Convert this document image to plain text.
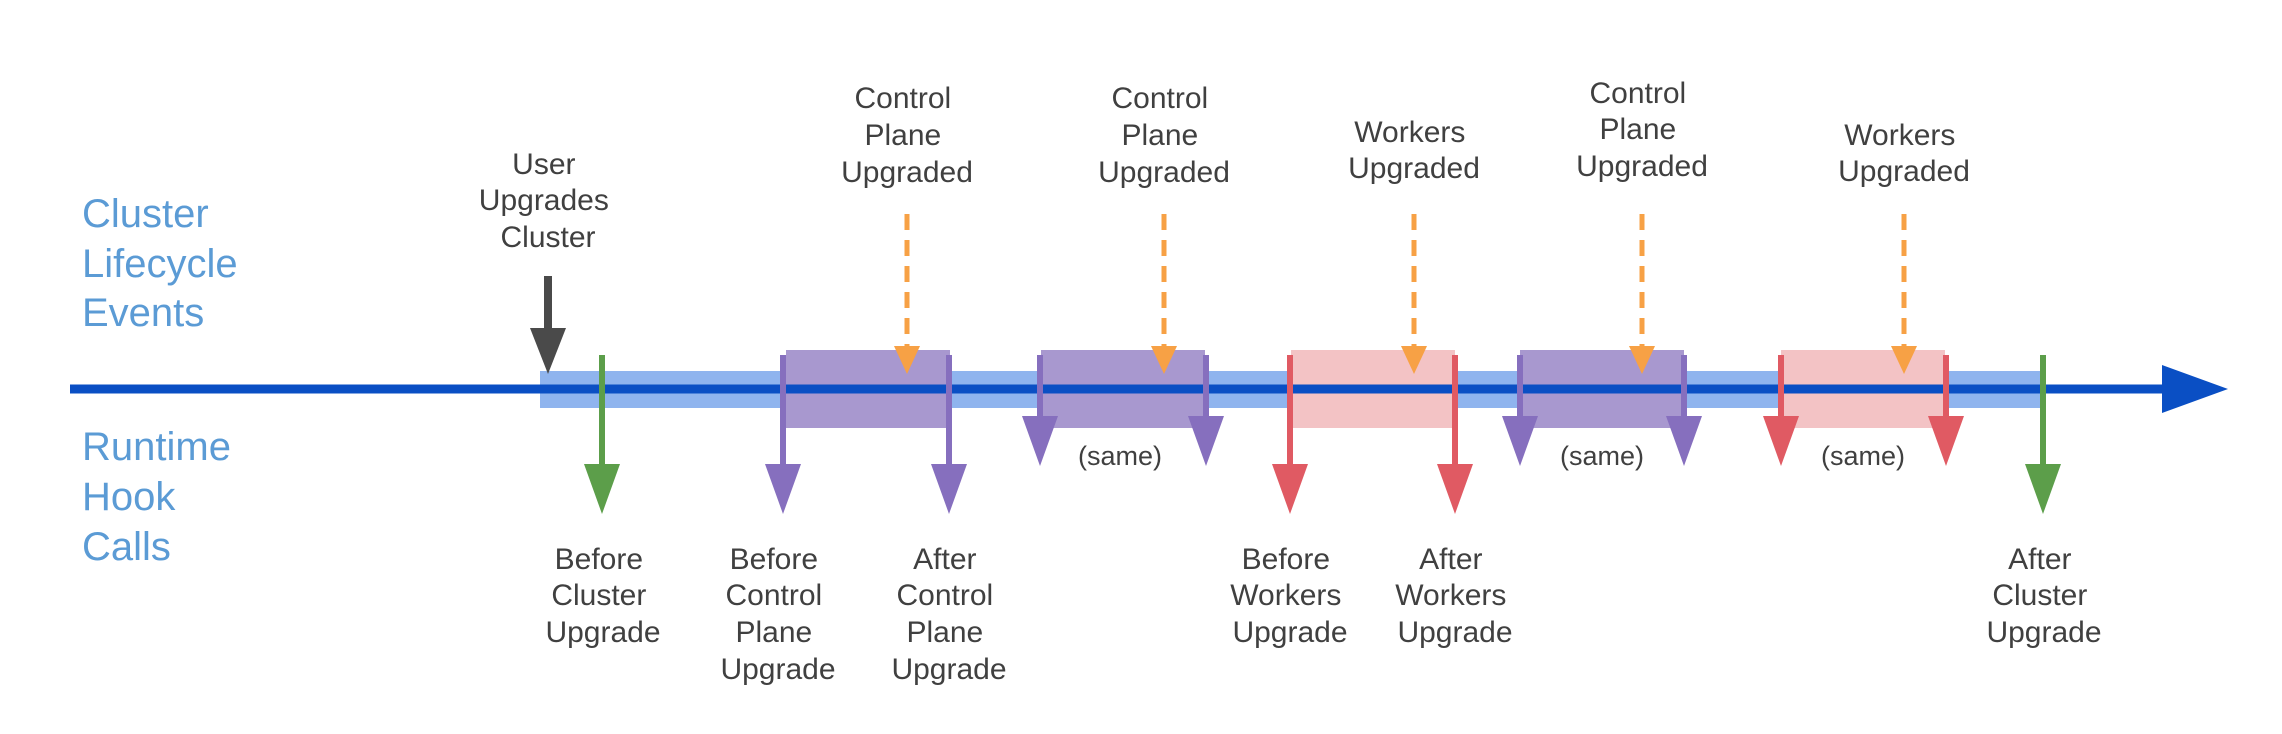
Cluster Lifecycle Events
Runtime Hook Calls
User Upgrades Cluster
Control Plane Upgraded
Control Plane Upgraded
Workers Upgraded
Control Plane Upgraded
Workers Upgraded
(same)	(same)	(same)
Before Cluster Upgrade
Before Control Plane Upgrade
After Control Plane Upgrade
Before Workers Upgrade
After Workers Upgrade
After Cluster Upgrade
